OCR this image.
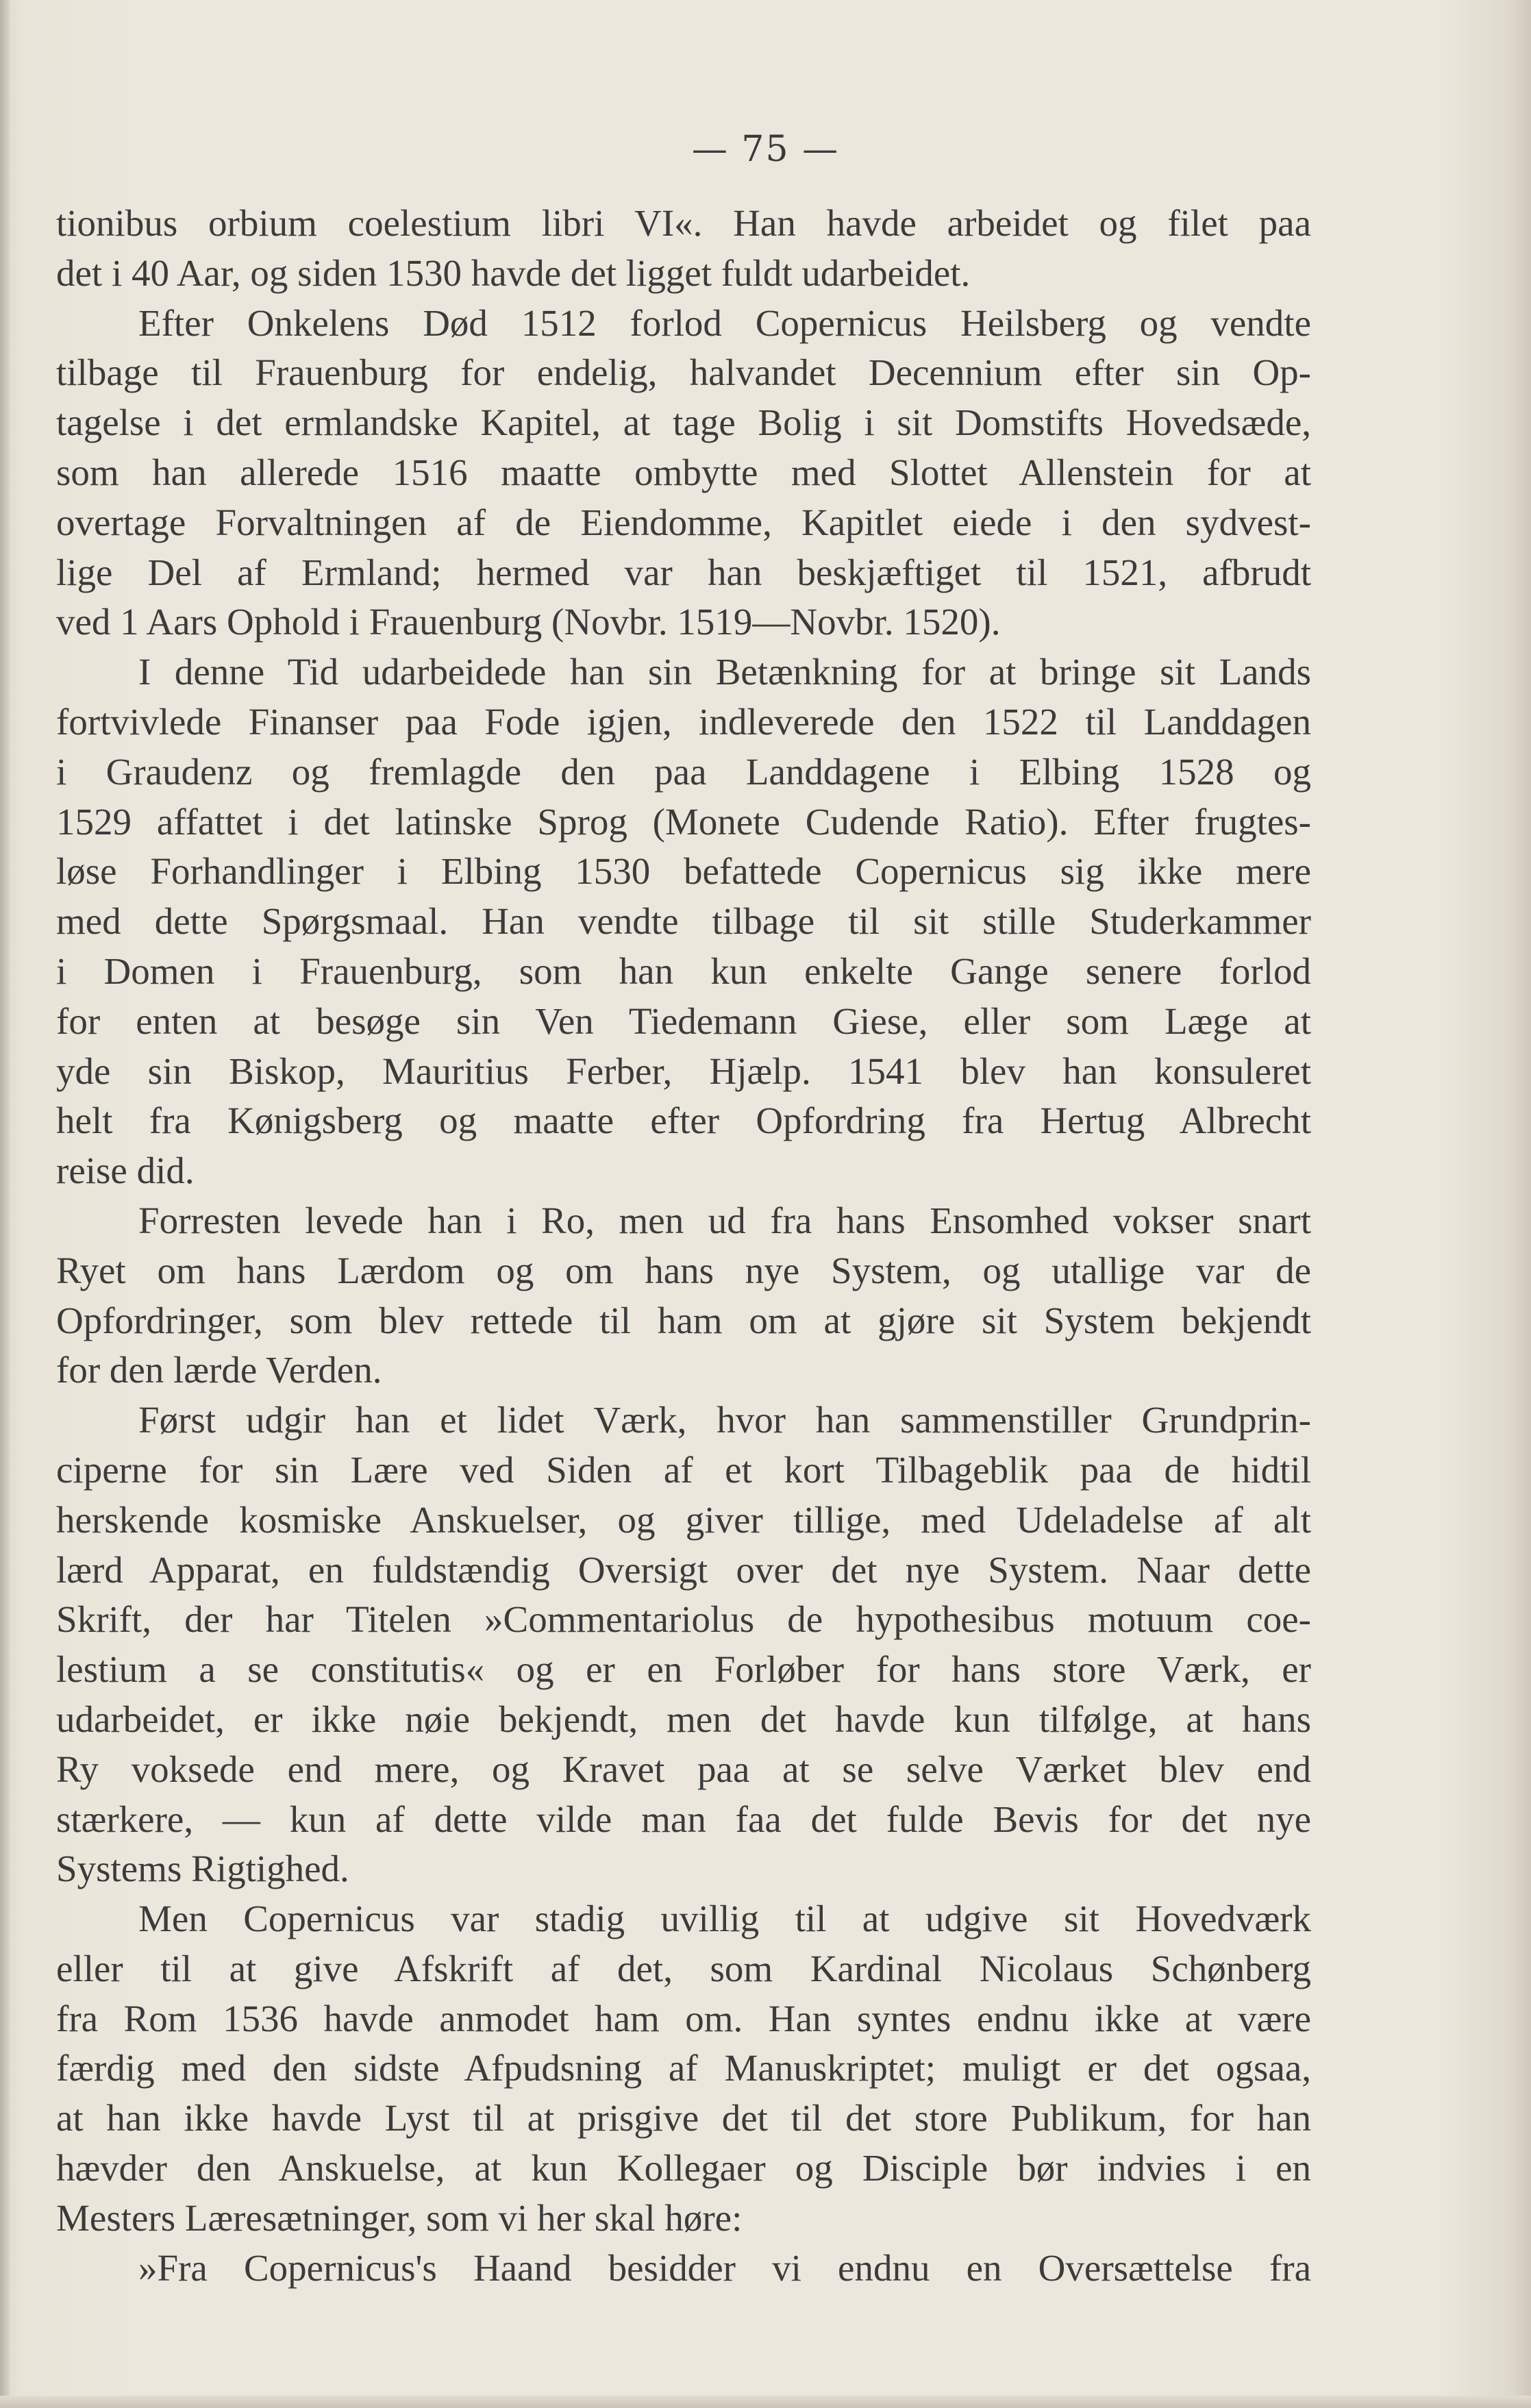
— 75 —
tionibus orbium coelestium libri VI«. Han havde arbeidet og filet paa
det i 40 Aar, og siden 1530 havde det ligget fuldt udarbeidet.
Efter Onkelens Død 1512 forlod Copernicus Heilsberg og vendte
tilbage til Frauenburg for endelig, halvandet Decennium efter sin Op-
tagelse i det ermlandske Kapitel, at tage Bolig i sit Domstifts Hovedsæde,
som han allerede 1516 maatte ombytte med Slottet Allenstein for at
overtage Forvaltningen af de Eiendomme, Kapitlet eiede i den sydvest-
lige Del af Ermland; hermed var han beskjæftiget til 1521, afbrudt
ved 1 Aars Ophold i Frauenburg (Novbr. 1519—Novbr. 1520).
I denne Tid udarbeidede han sin Betænkning for at bringe sit Lands
fortvivlede Finanser paa Fode igjen, indleverede den 1522 til Landdagen
i Graudenz og fremlagde den paa Landdagene i Elbing 1528 og
1529 affattet i det latinske Sprog (Monete Cudende Ratio). Efter frugtes-
løse Forhandlinger i Elbing 1530 befattede Copernicus sig ikke mere
med dette Spørgsmaal. Han vendte tilbage til sit stille Studerkammer
i Domen i Frauenburg, som han kun enkelte Gange senere forlod
for enten at besøge sin Ven Tiedemann Giese, eller som Læge at
yde sin Biskop, Mauritius Ferber, Hjælp. 1541 blev han konsuleret
helt fra Kønigsberg og maatte efter Opfordring fra Hertug Albrecht
reise did.
Forresten levede han i Ro, men ud fra hans Ensomhed vokser snart
Ryet om hans Lærdom og om hans nye System, og utallige var de
Opfordringer, som blev rettede til ham om at gjøre sit System bekjendt
for den lærde Verden.
Først udgir han et lidet Værk, hvor han sammenstiller Grundprin-
ciperne for sin Lære ved Siden af et kort Tilbageblik paa de hidtil
herskende kosmiske Anskuelser, og giver tillige, med Udeladelse af alt
lærd Apparat, en fuldstændig Oversigt over det nye System. Naar dette
Skrift, der har Titelen »Commentariolus de hypothesibus motuum coe-
lestium a se constitutis« og er en Forløber for hans store Værk, er
udarbeidet, er ikke nøie bekjendt, men det havde kun tilfølge, at hans
Ry voksede end mere, og Kravet paa at se selve Værket blev end
stærkere, — kun af dette vilde man faa det fulde Bevis for det nye
Systems Rigtighed.
Men Copernicus var stadig uvillig til at udgive sit Hovedværk
eller til at give Afskrift af det, som Kardinal Nicolaus Schønberg
fra Rom 1536 havde anmodet ham om. Han syntes endnu ikke at være
færdig med den sidste Afpudsning af Manuskriptet; muligt er det ogsaa,
at han ikke havde Lyst til at prisgive det til det store Publikum, for han
hævder den Anskuelse, at kun Kollegaer og Disciple bør indvies i en
Mesters Læresætninger, som vi her skal høre:
»Fra Copernicus's Haand besidder vi endnu en Oversættelse fra
